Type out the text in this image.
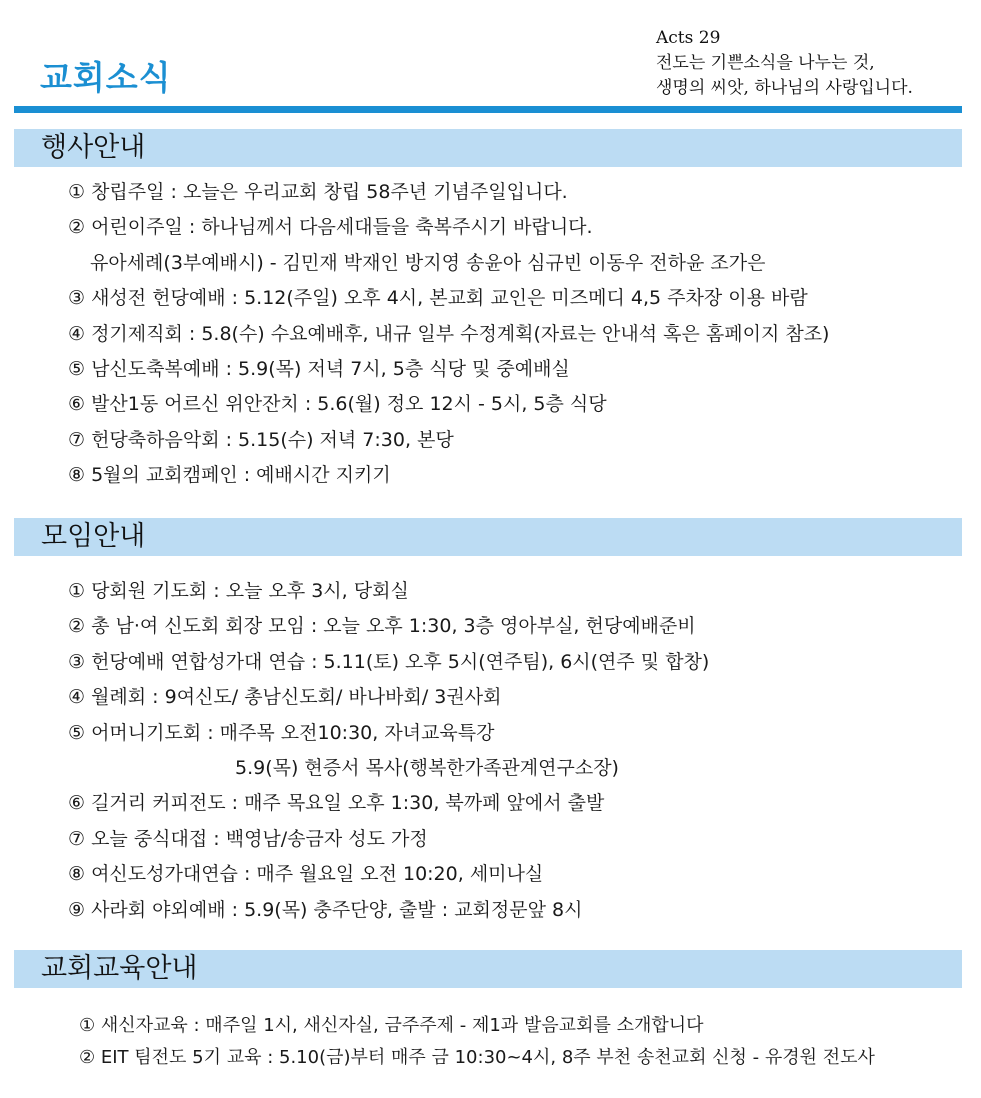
교회소식
Acts 29
전도는 기쁜소식을 나누는 것,
생명의 씨앗, 하나님의 사랑입니다.
행사안내
① 창립주일 : 오늘은 우리교회 창립 58주년 기념주일입니다.
② 어린이주일 : 하나님께서 다음세대들을 축복주시기 바랍니다.
유아세례(3부예배시) - 김민재 박재인 방지영 송윤아 심규빈 이동우 전하윤 조가은
③ 새성전 헌당예배 : 5.12(주일) 오후 4시, 본교회 교인은 미즈메디 4,5 주차장 이용 바람
④ 정기제직회 : 5.8(수) 수요예배후, 내규 일부 수정계획(자료는 안내석 혹은 홈페이지 참조)
⑤ 남신도축복예배 : 5.9(목) 저녁 7시, 5층 식당 및 중예배실
⑥ 발산1동 어르신 위안잔치 : 5.6(월) 정오 12시 - 5시, 5층 식당
⑦ 헌당축하음악회 : 5.15(수) 저녁 7:30, 본당
⑧ 5월의 교회캠페인 : 예배시간 지키기
모임안내
① 당회원 기도회 : 오늘 오후 3시, 당회실
② 총 남·여 신도회 회장 모임 : 오늘 오후 1:30, 3층 영아부실, 헌당예배준비
③ 헌당예배 연합성가대 연습 : 5.11(토) 오후 5시(연주팀), 6시(연주 및 합창)
④ 월례회 : 9여신도/ 총남신도회/ 바나바회/ 3권사회
⑤ 어머니기도회 : 매주목 오전10:30, 자녀교육특강
5.9(목) 현증서 목사(행복한가족관계연구소장)
⑥ 길거리 커피전도 : 매주 목요일 오후 1:30, 북까페 앞에서 출발
⑦ 오늘 중식대접 : 백영남/송금자 성도 가정
⑧ 여신도성가대연습 : 매주 월요일 오전 10:20, 세미나실
⑨ 사라회 야외예배 : 5.9(목) 충주단양, 출발 : 교회정문앞 8시
교회교육안내
① 새신자교육 : 매주일 1시, 새신자실, 금주주제 - 제1과 발음교회를 소개합니다
② EIT 팀전도 5기 교육 : 5.10(금)부터 매주 금 10:30~4시, 8주 부천 송천교회 신청 - 유경원 전도사
